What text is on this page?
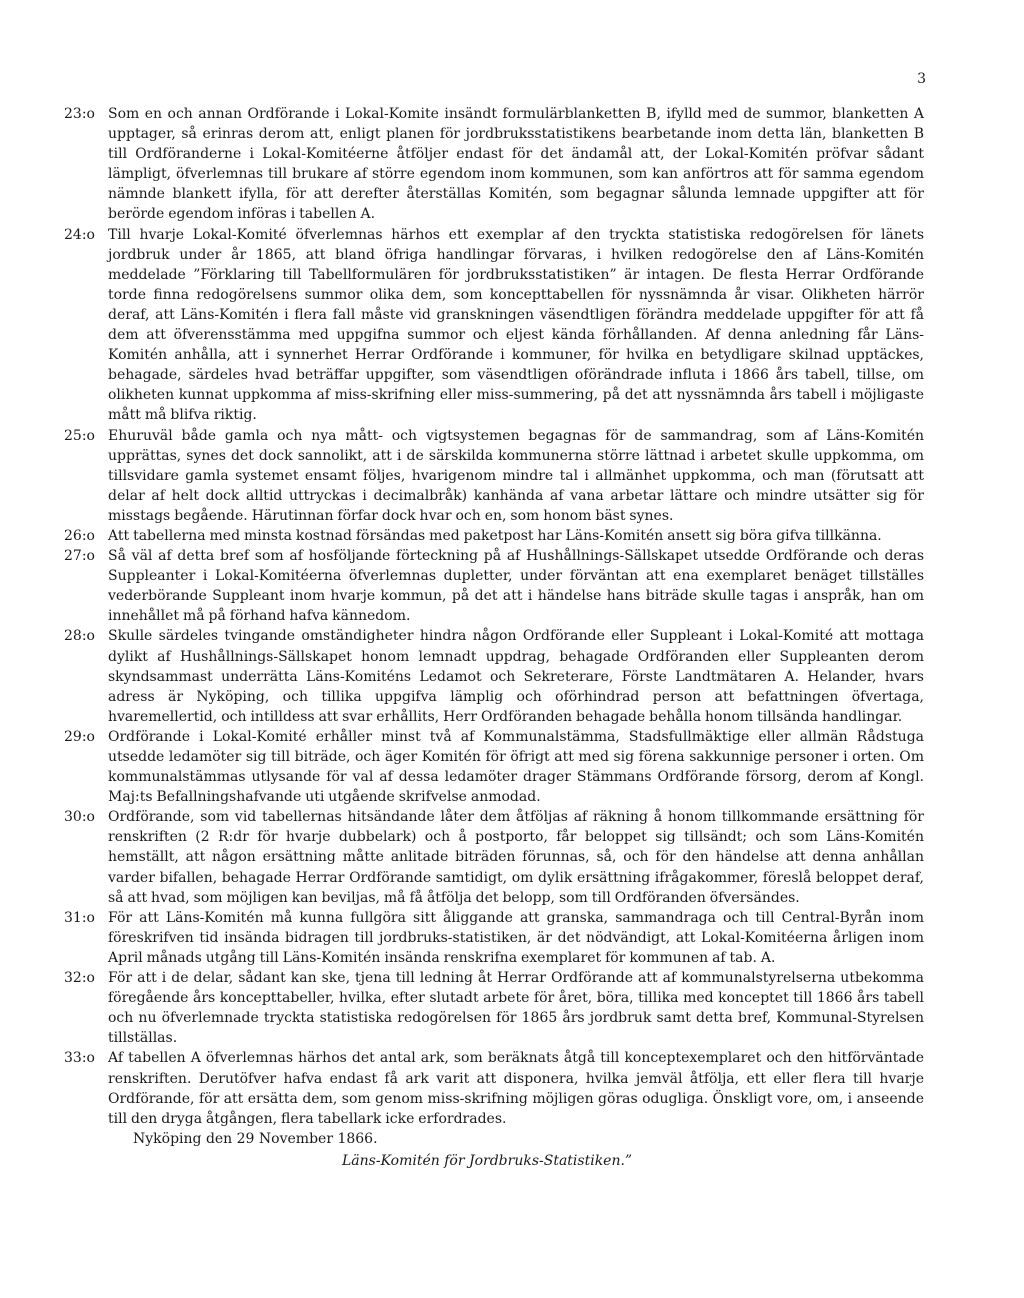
3
23:o Som en och annan Ordförande i Lokal-Komite insändt formulärblanketten B, ifylld med de summor, blanketten A upptager, så erinras derom att, enligt planen för jordbruksstatistikens bearbetande inom detta län, blanketten B till Ordföranderne i Lokal-Komitéerne åtföljer endast för det ändamål att, der Lokal-Komitén pröfvar sådant lämpligt, öfverlemnas till brukare af större egendom inom kommunen, som kan anförtros att för samma egendom nämnde blankett ifylla, för att derefter återställas Komitén, som begagnar sålunda lemnade uppgifter att för berörde egendom införas i tabellen A.
24:o Till hvarje Lokal-Komité öfverlemnas härhos ett exemplar af den tryckta statistiska redogörelsen för länets jordbruk under år 1865, att bland öfriga handlingar förvaras, i hvilken redogörelse den af Läns-Komitén meddelade ”Förklaring till Tabellformulären för jordbruksstatistiken” är intagen. De flesta Herrar Ordförande torde finna redogörelsens summor olika dem, som koncepttabellen för nyssnämnda år visar. Olikheten härrör deraf, att Läns-Komitén i flera fall måste vid granskningen väsendtligen förändra meddelade uppgifter för att få dem att öfverensstämma med uppgifna summor och eljest kända förhållanden. Af denna anledning får Läns-Komitén anhålla, att i synnerhet Herrar Ordförande i kommuner, för hvilka en betydligare skilnad upptäckes, behagade, särdeles hvad beträffar uppgifter, som väsendtligen oförändrade influta i 1866 års tabell, tillse, om olikheten kunnat uppkomma af miss-skrifning eller miss-summering, på det att nyssnämnda års tabell i möjligaste mått må blifva riktig.
25:o Ehuruväl både gamla och nya mått- och vigtsystemen begagnas för de sammandrag, som af Läns-Komitén upprättas, synes det dock sannolikt, att i de särskilda kommunerna större lättnad i arbetet skulle uppkomma, om tillsvidare gamla systemet ensamt följes, hvarigenom mindre tal i allmänhet uppkomma, och man (förutsatt att delar af helt dock alltid uttryckas i decimalbråk) kanhända af vana arbetar lättare och mindre utsätter sig för misstags begående. Härutinnan förfar dock hvar och en, som honom bäst synes.
26:o Att tabellerna med minsta kostnad försändas med paketpost har Läns-Komitén ansett sig böra gifva tillkänna.
27:o Så väl af detta bref som af hosföljande förteckning på af Hushållnings-Sällskapet utsedde Ordförande och deras Suppleanter i Lokal-Komitéerna öfverlemnas dupletter, under förväntan att ena exemplaret benäget tillställes vederbörande Suppleant inom hvarje kommun, på det att i händelse hans biträde skulle tagas i anspråk, han om innehållet må på förhand hafva kännedom.
28:o Skulle särdeles tvingande omständigheter hindra någon Ordförande eller Suppleant i Lokal-Komité att mottaga dylikt af Hushållnings-Sällskapet honom lemnadt uppdrag, behagade Ordföranden eller Suppleanten derom skyndsammast underrätta Läns-Komiténs Ledamot och Sekreterare, Förste Landtmätaren A. Helander, hvars adress är Nyköping, och tillika uppgifva lämplig och oförhindrad person att befattningen öfvertaga, hvaremellertid, och intilldess att svar erhållits, Herr Ordföranden behagade behålla honom tillsända handlingar.
29:o Ordförande i Lokal-Komité erhåller minst två af Kommunalstämma, Stadsfullmäktige eller allmän Rådstuga utsedde ledamöter sig till biträde, och äger Komitén för öfrigt att med sig förena sakkunnige personer i orten. Om kommunalstämmas utlysande för val af dessa ledamöter drager Stämmans Ordförande försorg, derom af Kongl. Maj:ts Befallningshafvande uti utgående skrifvelse anmodad.
30:o Ordförande, som vid tabellernas hitsändande låter dem åtföljas af räkning å honom tillkommande ersättning för renskriften (2 R:dr för hvarje dubbelark) och å postporto, får beloppet sig tillsändt; och som Läns-Komitén hemställt, att någon ersättning måtte anlitade biträden förunnas, så, och för den händelse att denna anhållan varder bifallen, behagade Herrar Ordförande samtidigt, om dylik ersättning ifrågakommer, föreslå beloppet deraf, så att hvad, som möjligen kan beviljas, må få åtfölja det belopp, som till Ordföranden öfversändes.
31:o För att Läns-Komitén må kunna fullgöra sitt åliggande att granska, sammandraga och till Central-Byrån inom föreskrifven tid insända bidragen till jordbruks-statistiken, är det nödvändigt, att Lokal-Komitéerna årligen inom April månads utgång till Läns-Komitén insända renskrifna exemplaret för kommunen af tab. A.
32:o För att i de delar, sådant kan ske, tjena till ledning åt Herrar Ordförande att af kommunalstyrelserna utbekomma föregående års koncepttabeller, hvilka, efter slutadt arbete för året, böra, tillika med konceptet till 1866 års tabell och nu öfverlemnade tryckta statistiska redogörelsen för 1865 års jordbruk samt detta bref, Kommunal-Styrelsen tillställas.
33:o Af tabellen A öfverlemnas härhos det antal ark, som beräknats åtgå till konceptexemplaret och den hitförväntade renskriften. Derutöfver hafva endast få ark varit att disponera, hvilka jemväl åtfölja, ett eller flera till hvarje Ordförande, för att ersätta dem, som genom miss-skrifning möjligen göras odugliga. Önskligt vore, om, i anseende till den dryga åtgången, flera tabellark icke erfordrades.

Nyköping den 29 November 1866.

Läns-Komitén för Jordbruks-Statistiken.”
